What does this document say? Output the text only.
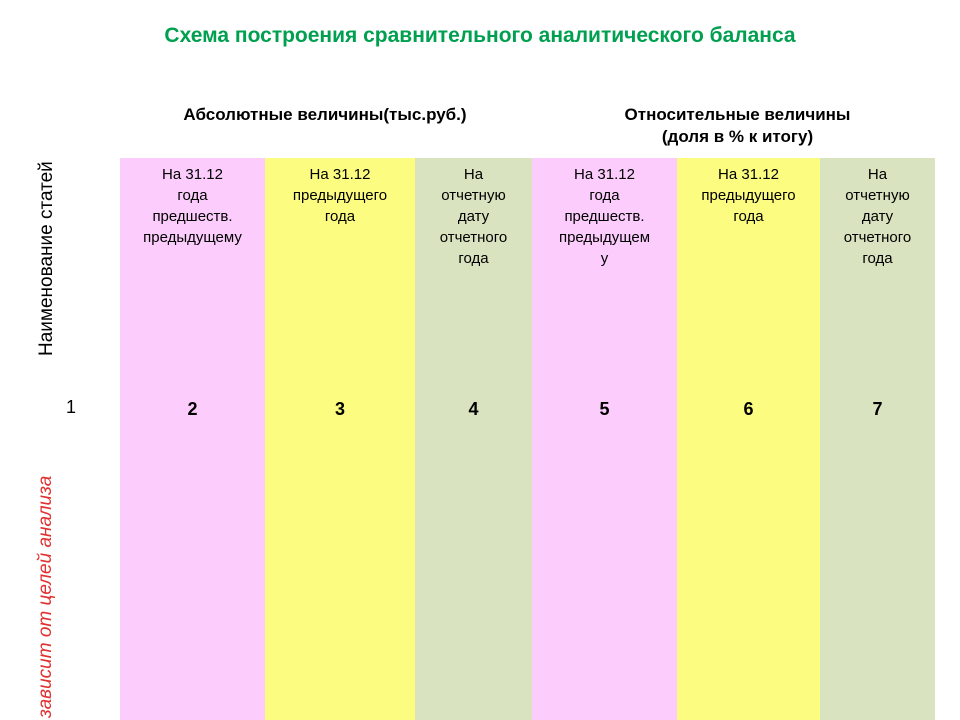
Схема построения сравнительного аналитического баланса
Абсолютные величины(тыс.руб.)	Относительные величины
(доля в % к итогу)
Наименование статей
1
зависит от целей анализа
На 31.12
года
предшеств.
предыдущему
2
На 31.12
предыдущего
года
3
На
отчетную
дату
отчетного
года
4
На 31.12
года
предшеств.
предыдущем
у
5
На 31.12
предыдущего
года
6
На
отчетную
дату
отчетного
года
7
